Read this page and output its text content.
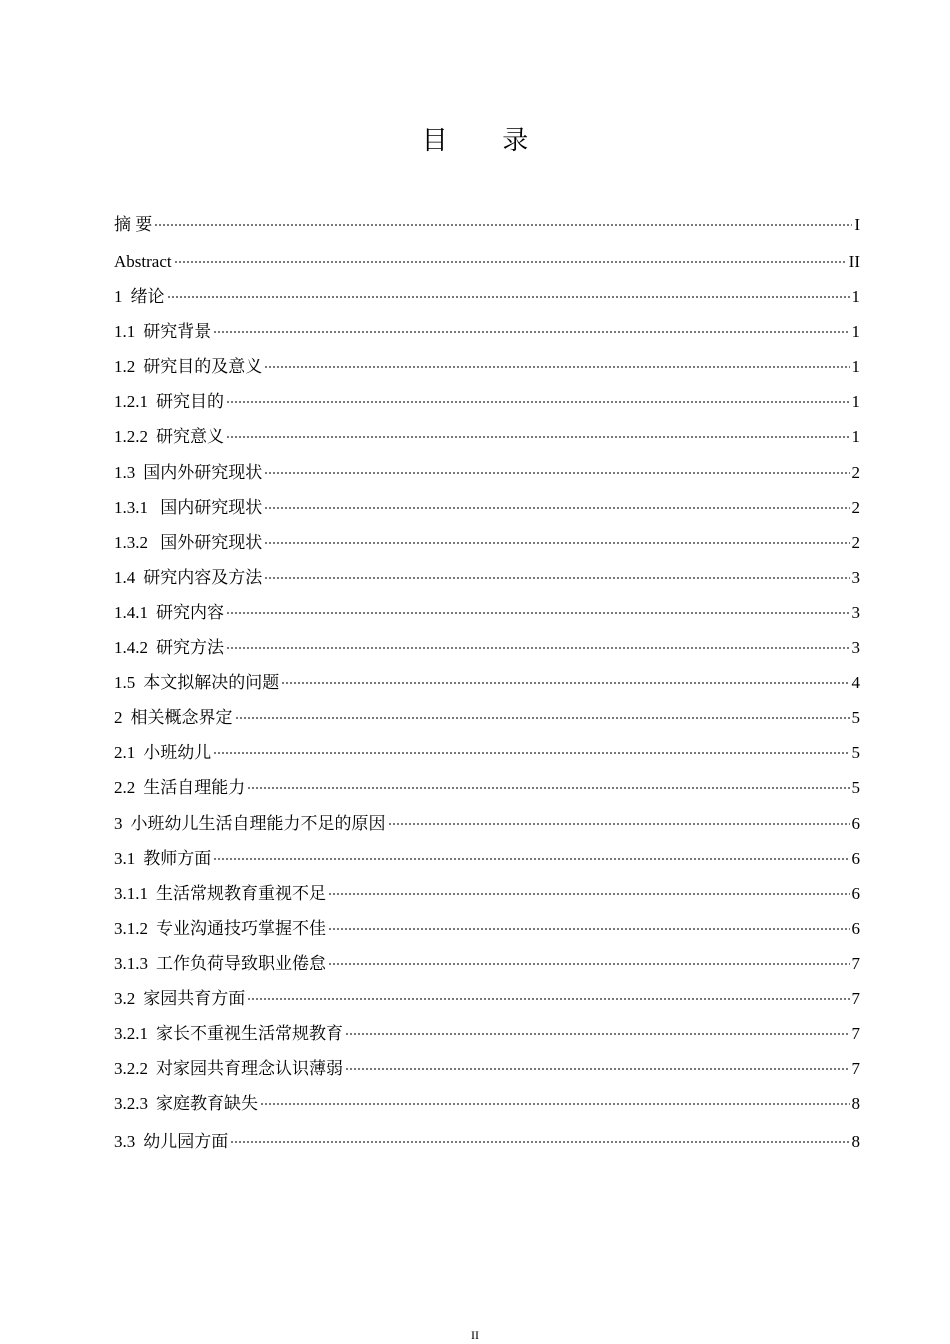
目 录
摘 要	I
Abstract	II
1 绪论	1
1.1 研究背景	1
1.2 研究目的及意义	1
1.2.1 研究目的	1
1.2.2 研究意义	1
1.3 国内外研究现状	2
1.3.1 国内研究现状	2
1.3.2 国外研究现状	2
1.4 研究内容及方法	3
1.4.1 研究内容	3
1.4.2 研究方法	3
1.5 本文拟解决的问题	4
2 相关概念界定	5
2.1 小班幼儿	5
2.2 生活自理能力	5
3 小班幼儿生活自理能力不足的原因	6
3.1 教师方面	6
3.1.1 生活常规教育重视不足	6
3.1.2 专业沟通技巧掌握不佳	6
3.1.3 工作负荷导致职业倦怠	7
3.2 家园共育方面	7
3.2.1 家长不重视生活常规教育	7
3.2.2 对家园共育理念认识薄弱	7
3.2.3 家庭教育缺失	8
3.3 幼儿园方面	8
II
